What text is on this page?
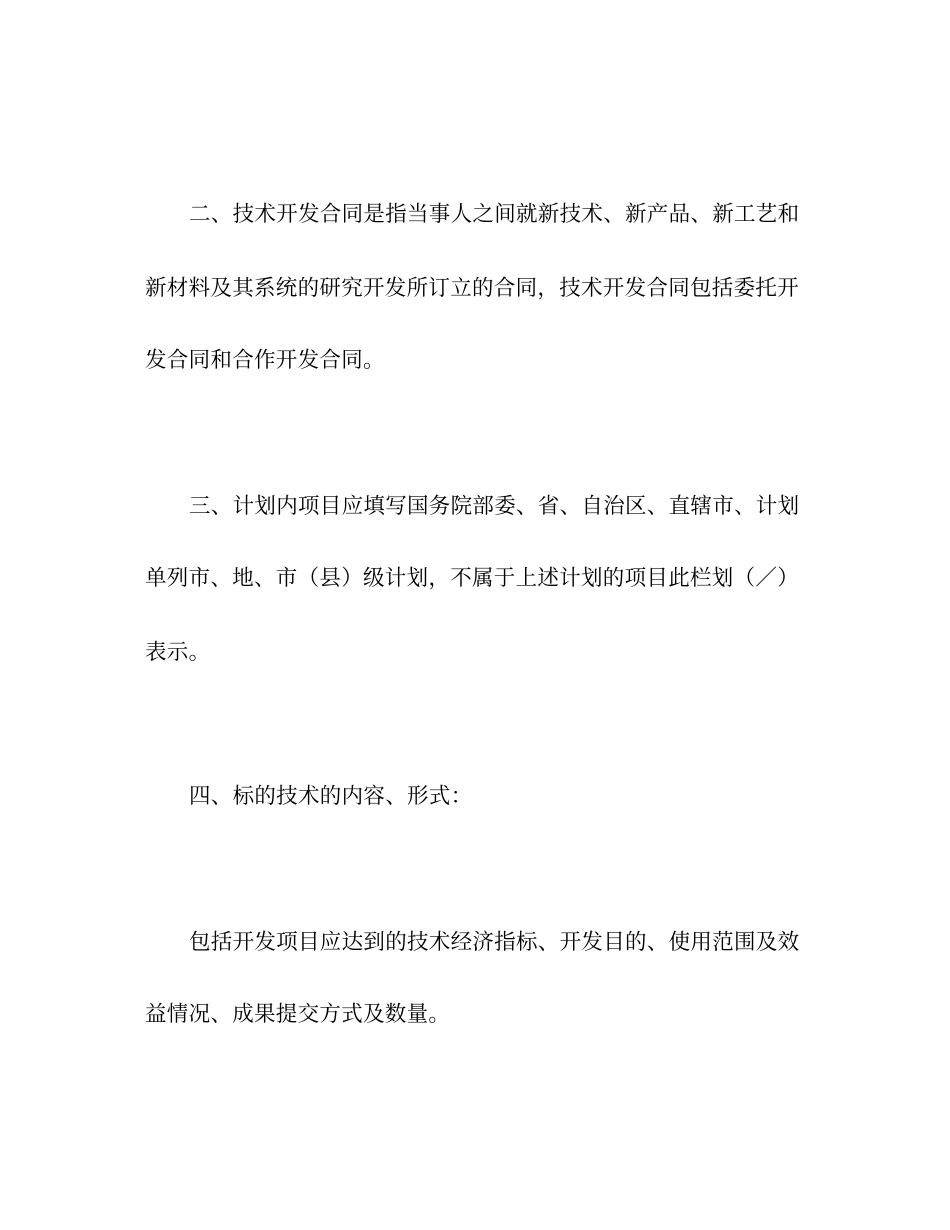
二、技术开发合同是指当事人之间就新技术、新产品、新工艺和
新材料及其系统的研究开发所订立的合同，技术开发合同包括委托开
发合同和合作开发合同。
三、计划内项目应填写国务院部委、省、自治区、直辖市、计划
单列市、地、市（县）级计划，不属于上述计划的项目此栏划（／）
表示。
四、标的技术的内容、形式：
包括开发项目应达到的技术经济指标、开发目的、使用范围及效
益情况、成果提交方式及数量。
